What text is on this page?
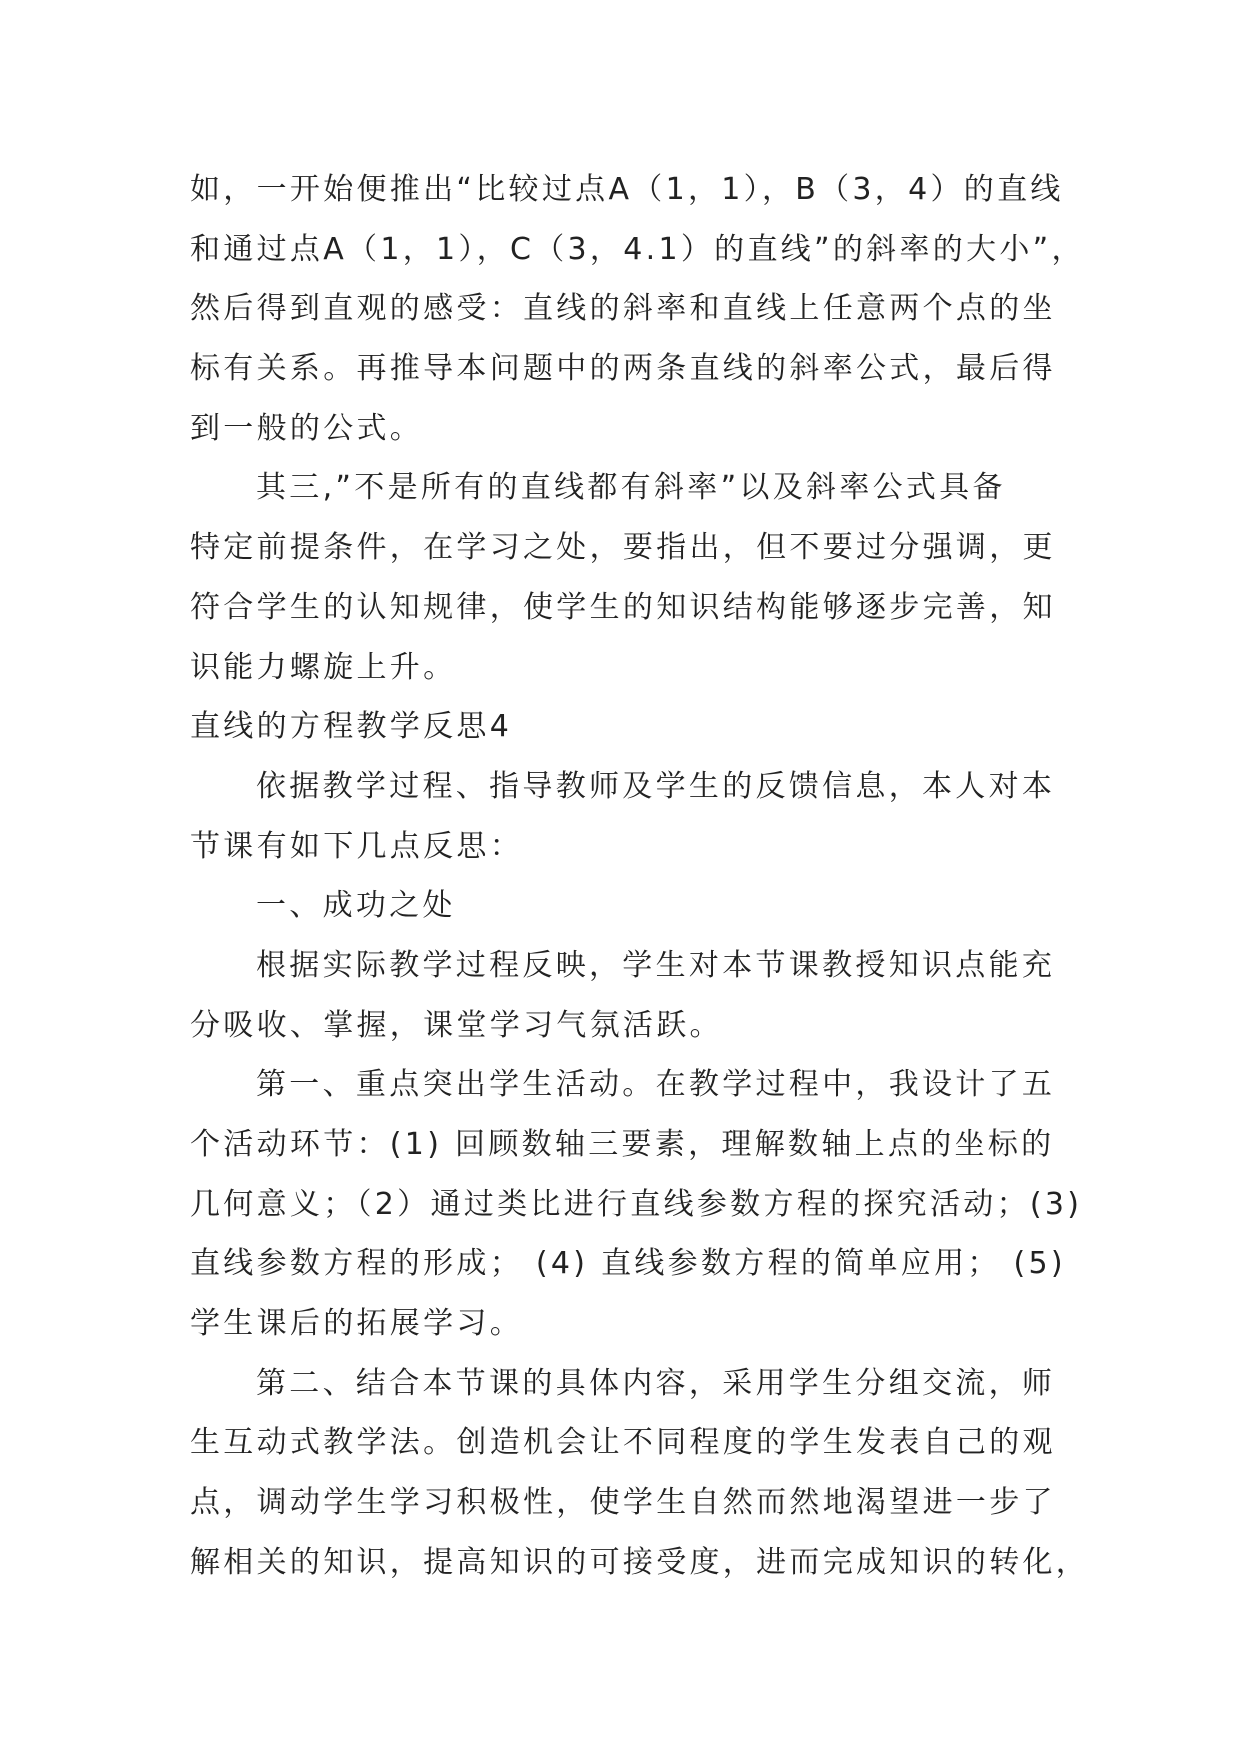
如，一开始便推出“比较过点A（1，1），B（3，4）的直线
和通过点A（1，1），C（3，4.1）的直线”的斜率的大小”，
然后得到直观的感受：直线的斜率和直线上任意两个点的坐
标有关系。再推导本问题中的两条直线的斜率公式，最后得
到一般的公式。
其三,”不是所有的直线都有斜率”以及斜率公式具备
特定前提条件，在学习之处，要指出，但不要过分强调，更
符合学生的认知规律，使学生的知识结构能够逐步完善，知
识能力螺旋上升。
直线的方程教学反思4
依据教学过程、指导教师及学生的反馈信息，本人对本
节课有如下几点反思：
一、成功之处
根据实际教学过程反映，学生对本节课教授知识点能充
分吸收、掌握，课堂学习气氛活跃。
第一、重点突出学生活动。在教学过程中，我设计了五
个活动环节：(1) 回顾数轴三要素，理解数轴上点的坐标的
几何意义；（2）通过类比进行直线参数方程的探究活动；(3)
直线参数方程的形成； (4) 直线参数方程的简单应用； (5)
学生课后的拓展学习。
第二、结合本节课的具体内容，采用学生分组交流，师
生互动式教学法。创造机会让不同程度的学生发表自己的观
点，调动学生学习积极性，使学生自然而然地渴望进一步了
解相关的知识，提高知识的可接受度，进而完成知识的转化，
